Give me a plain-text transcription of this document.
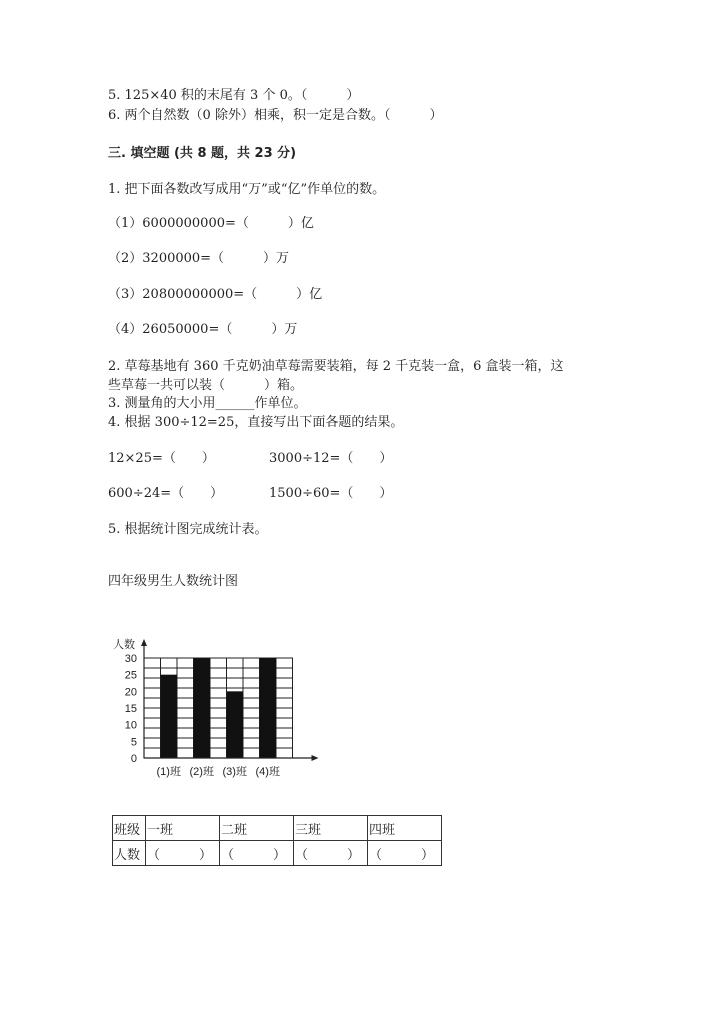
5. 125×40 积的末尾有 3 个 0。（　　　）
6. 两个自然数（0 除外）相乘，积一定是合数。（　　　）
三. 填空题 (共 8 题，共 23 分)
1. 把下面各数改写成用“万”或“亿”作单位的数。
（1）6000000000=（　　　）亿
（2）3200000=（　　　）万
（3）20800000000=（　　　）亿
（4）26050000=（　　　）万
2. 草莓基地有 360 千克奶油草莓需要装箱，每 2 千克装一盒，6 盒装一箱，这
些草莓一共可以装（　　　）箱。
3. 测量角的大小用______作单位。
4. 根据 300÷12=25，直接写出下面各题的结果。
12×25=（　　）	3000÷12=（　　）
600÷24=（　　）	1500÷60=（　　）
5. 根据统计图完成统计表。
四年级男生人数统计图
(1)班 (2)班 (3)班 (4)班
30
25
20
15
10
5
0
人数
班级	一班	二班	三班	四班
人数	（　　　）	（　　　）	（　　　）	（　　　）
